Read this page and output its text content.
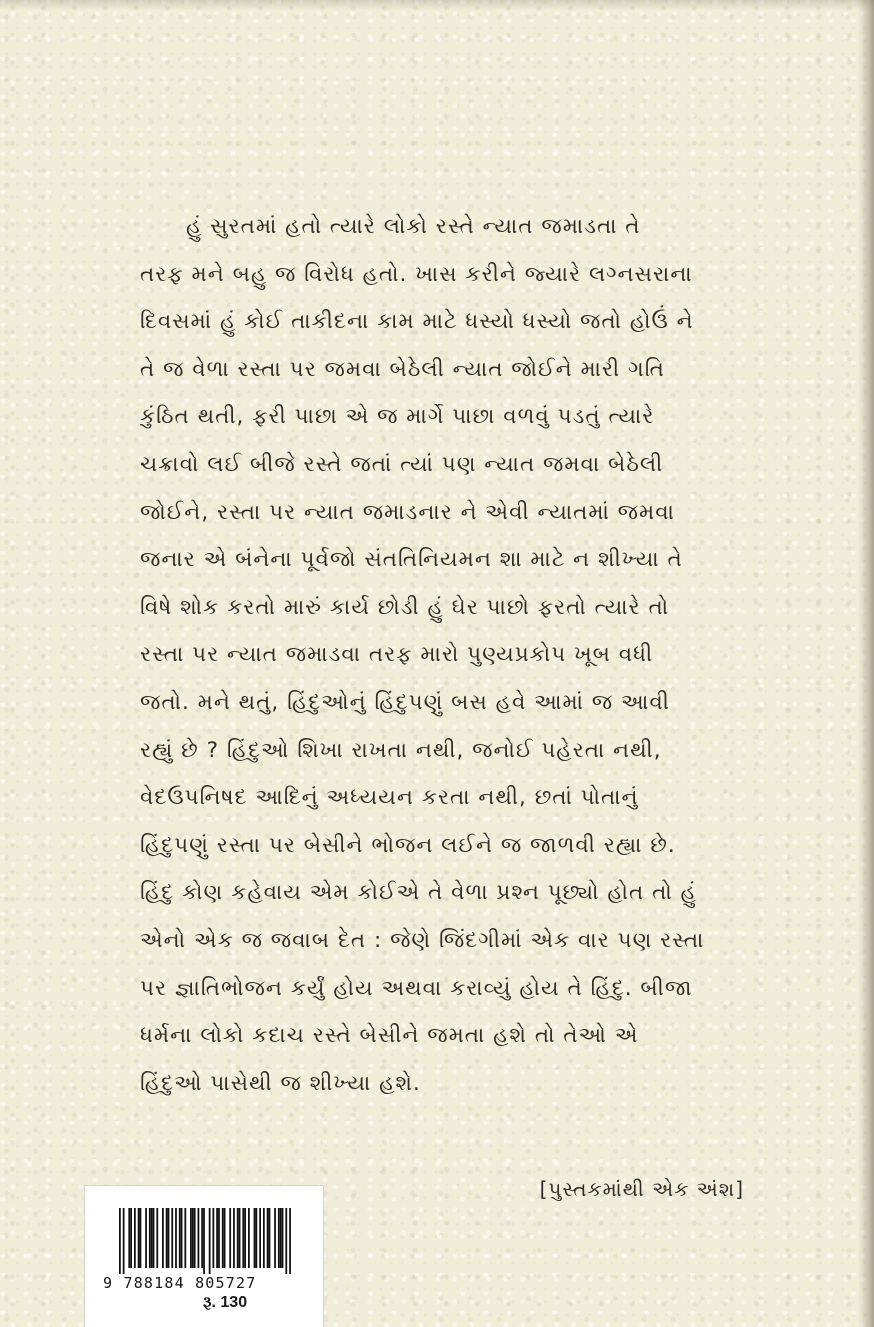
હું સુરતમાં હતો ત્યારે લોકો રસ્તે ન્યાત જમાડતા તે
તરફ મને બહુ જ વિરોધ હતો. ખાસ કરીને જ્યારે લગ્નસરાના
દિવસમાં હું કોઈ તાકીદના કામ માટે ધસ્યો ધસ્યો જતો હોઉં ને
તે જ વેળા રસ્તા પર જમવા બેઠેલી ન્યાત જોઈને મારી ગતિ
કુંઠિત થતી, ફરી પાછા એ જ માર્ગે પાછા વળવું પડતું ત્યારે
ચક્રાવો લઈ બીજે રસ્તે જતાં ત્યાં પણ ન્યાત જમવા બેઠેલી
જોઈને, રસ્તા પર ન્યાત જમાડનાર ને એવી ન્યાતમાં જમવા
જનાર એ બંનેના પૂર્વજો સંતતિનિયમન શા માટે ન શીખ્યા તે
વિષે શોક કરતો મારું કાર્ય છોડી હું ઘેર પાછો ફરતો ત્યારે તો
રસ્તા પર ન્યાત જમાડવા તરફ મારો પુણ્યપ્રકોપ ખૂબ વધી
જતો. મને થતું, હિંદુઓનું હિંદુપણું બસ હવે આમાં જ આવી
રહ્યું છે ? હિંદુઓ શિખા રાખતા નથી, જનોઈ પહેરતા નથી,
વેદઉપનિષદ આદિનું અધ્યયન કરતા નથી, છતાં પોતાનું
હિંદુપણું રસ્તા પર બેસીને ભોજન લઈને જ જાળવી રહ્યા છે.
હિંદુ કોણ કહેવાય એમ કોઈએ તે વેળા પ્રશ્ન પૂછ્યો હોત તો હું
એનો એક જ જવાબ દેત : જેણે જિંદગીમાં એક વાર પણ રસ્તા
પર જ્ઞાતિભોજન કર્યું હોય અથવા કરાવ્યું હોય તે હિંદુ. બીજા
ધર્મના લોકો કદાચ રસ્તે બેસીને જમતા હશે તો તેઓ એ
હિંદુઓ પાસેથી જ શીખ્યા હશે.
[પુસ્તકમાંથી એક અંશ]
9 788184 805727
રૂ. 130
